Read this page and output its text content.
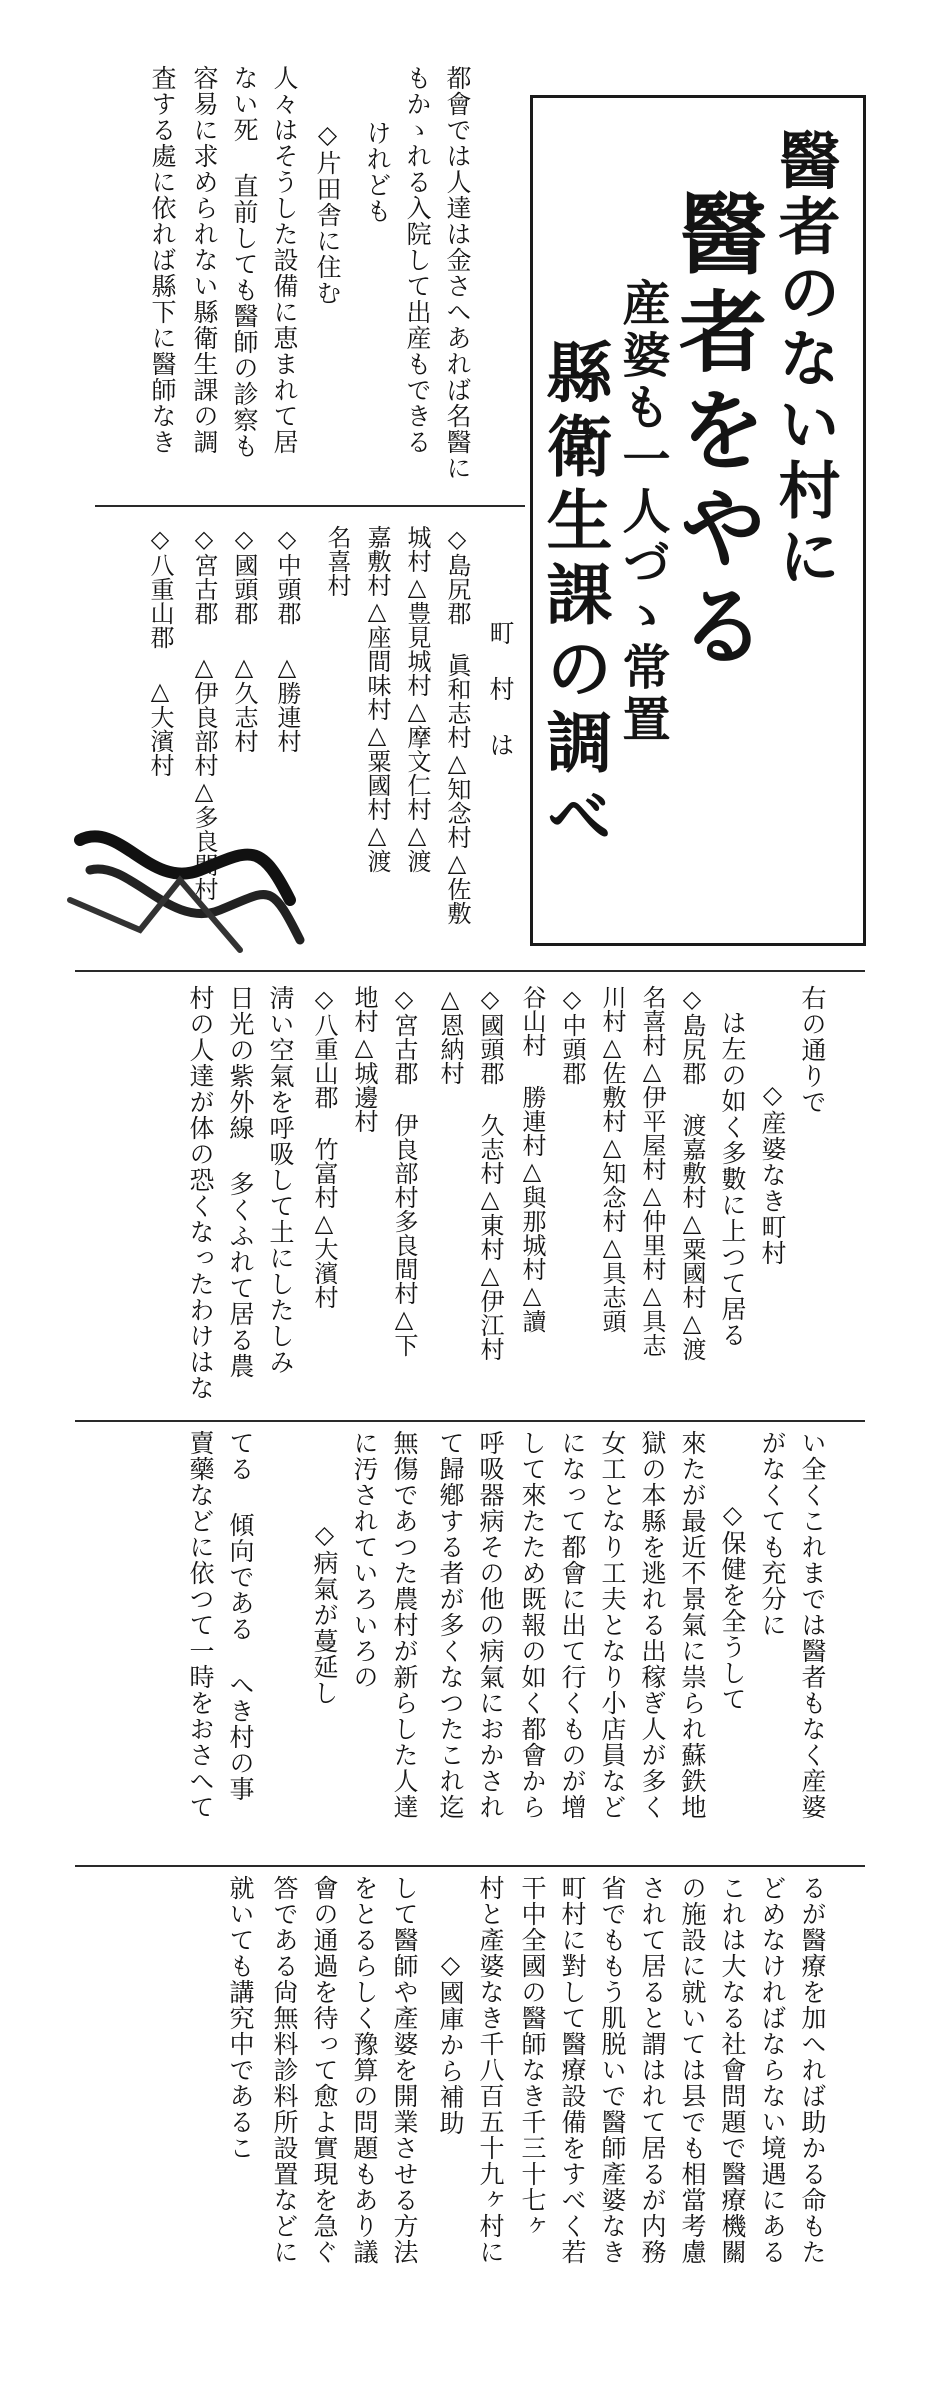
醫者のない村に
醫者をやる
産婆も一人づゝ常置
縣衛生課の調べ
都會では人達は金さへあれば名醫に
もかゝれる入院して出産もできる
けれども
◇片田舎に住む
人々はそうした設備に恵まれて居
ない死 直前しても醫師の診察も
容易に求められない縣衛生課の調
査する處に依れば縣下に醫師なき
町 村 は
◇島尻郡 眞和志村△知念村△佐敷
城村△豊見城村△摩文仁村△渡
嘉敷村△座間味村△粟國村△渡
名喜村
◇中頭郡 △勝連村
◇國頭郡 △久志村
◇宮古郡 △伊良部村△多良間村
◇八重山郡 △大濱村
右の通りで
◇産婆なき町村
は左の如く多數に上つて居る
◇島尻郡 渡嘉敷村△粟國村△渡
名喜村△伊平屋村△仲里村△具志
川村△佐敷村△知念村△具志頭
◇中頭郡
谷山村 勝連村△與那城村△讀
◇國頭郡 久志村△東村△伊江村
△恩納村
◇宮古郡 伊良部村多良間村△下
地村△城邊村
◇八重山郡 竹富村△大濱村
淸い空氣を呼吸して土にしたしみ
日光の紫外線 多くふれて居る農
村の人達が体の恐くなったわけはな
い全くこれまでは醫者もなく産婆
がなくても充分に
◇保健を全うして
來たが最近不景氣に祟られ蘇鉄地
獄の本縣を逃れる出稼ぎ人が多く
女工となり工夫となり小店員など
になって都會に出て行くものが增
して來たため既報の如く都會から
呼吸器病その他の病氣におかされ
て歸鄕する者が多くなつたこれ迄
無傷であつた農村が新らした人達
に汚されていろいろの
◇病氣が蔓延し
てる 傾向である へき村の事
賣藥などに依つて一時をおさへて
るが醫療を加へれば助かる命もた
どめなければならない境遇にある
これは大なる社會問題で醫療機關
の施設に就いては县でも相當考慮
されて居ると謂はれて居るが内務
省でももう肌脱いで醫師產婆なき
町村に對して醫療設備をすべく若
干中全國の醫師なき千三十七ヶ
村と產婆なき千八百五十九ヶ村に
◇國庫から補助
して醫師や產婆を開業させる方法
をとるらしく豫算の問題もあり議
會の通過を待って愈よ實現を急ぐ
答である尙無料診料所設置などに
就いても講究中であるこ
